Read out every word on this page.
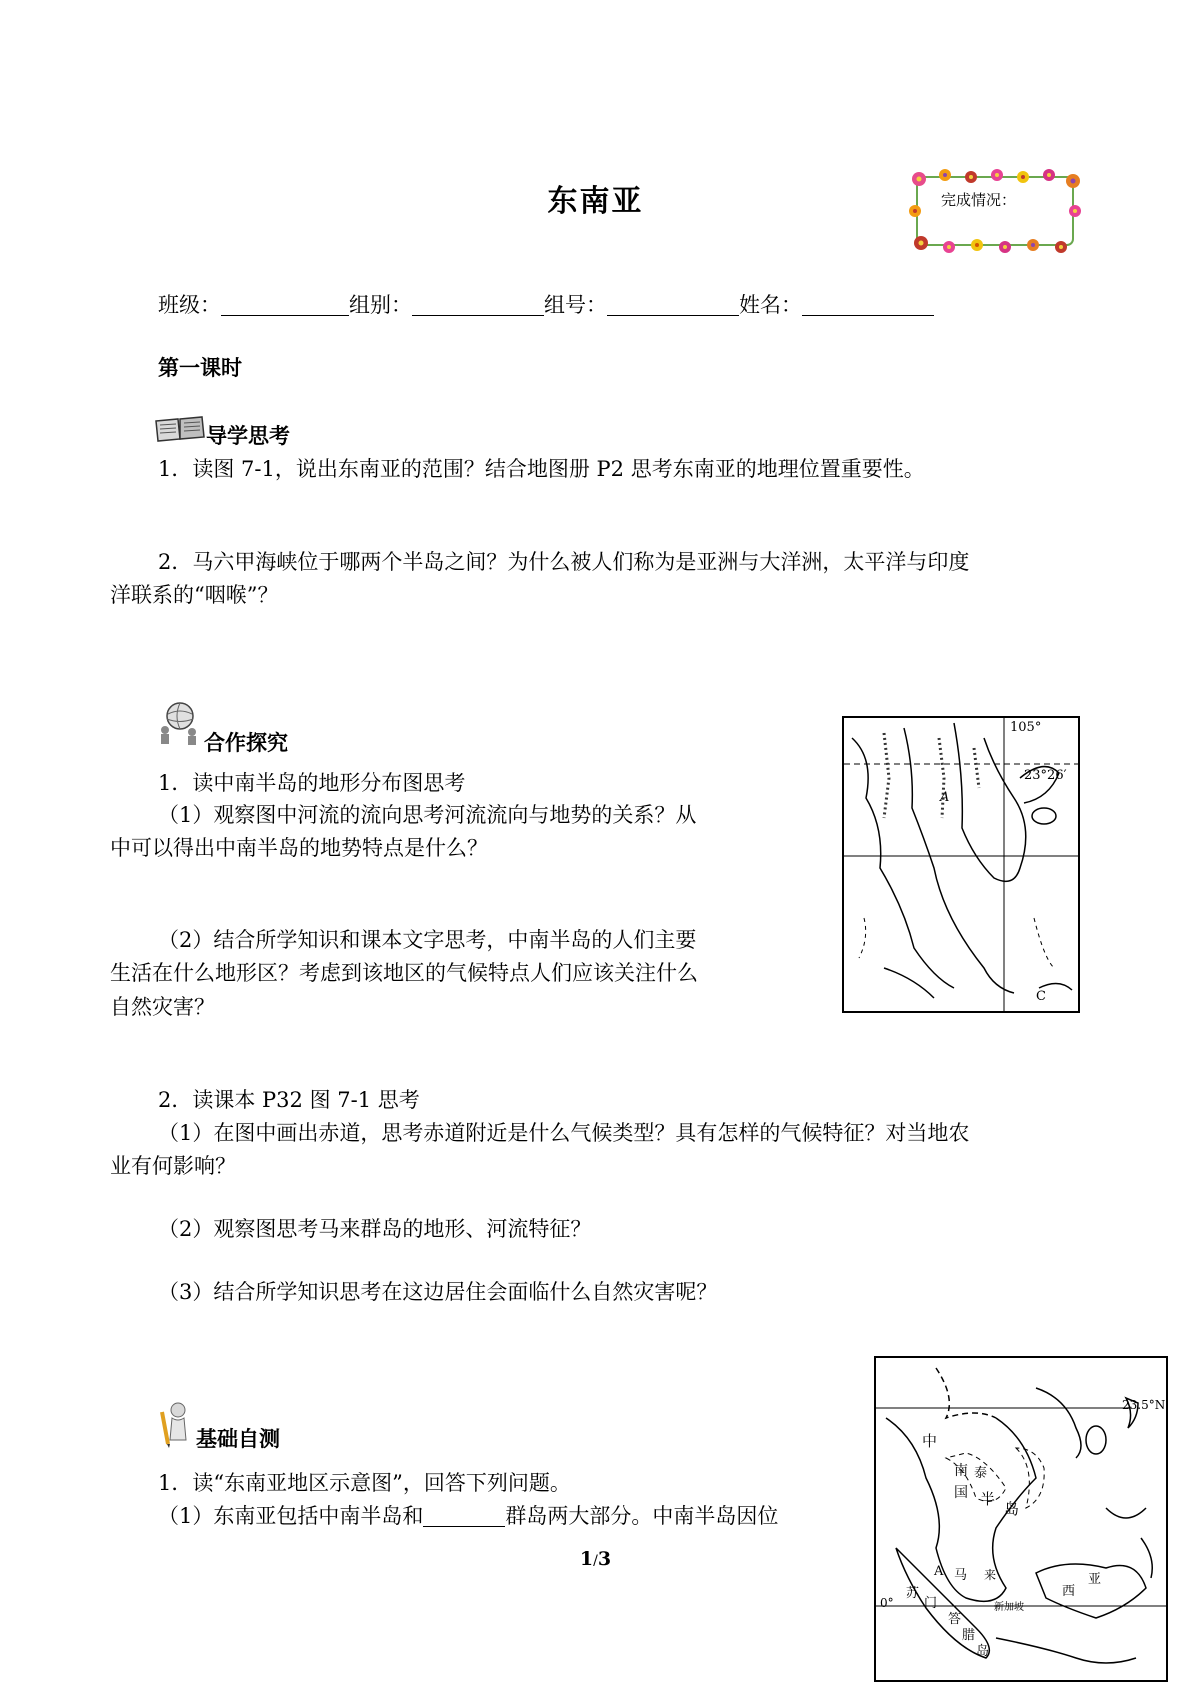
东南亚	完成情况：
班级：	组别：	组号：	姓名：
第一课时
导学思考
1．读图 7-1，说出东南亚的范围？结合地图册 P2 思考东南亚的地理位置重要性。
2．马六甲海峡位于哪两个半岛之间？为什么被人们称为是亚洲与大洋洲，太平洋与印度
洋联系的“咽喉”？
合作探究
1．读中南半岛的地形分布图思考
（1）观察图中河流的流向思考河流流向与地势的关系？从
中可以得出中南半岛的地势特点是什么？
（2）结合所学知识和课本文字思考，中南半岛的人们主要
生活在什么地形区？考虑到该地区的气候特点人们应该关注什么
自然灾害？
2．读课本 P32 图 7-1 思考
（1）在图中画出赤道，思考赤道附近是什么气候类型？具有怎样的气候特征？对当地农
业有何影响？
（2）观察图思考马来群岛的地形、河流特征？
（3）结合所学知识思考在这边居住会面临什么自然灾害呢？
105°
23°26′
A
C
基础自测
1．读“东南亚地区示意图”，回答下列问题。
（1）东南亚包括中南半岛和	群岛两大部分。中南半岛因位
23.5°N
0°
中
南 泰
国 半
岛
A 马 来
西
亚
苏
门
答
腊
岛
新加坡
1/3
